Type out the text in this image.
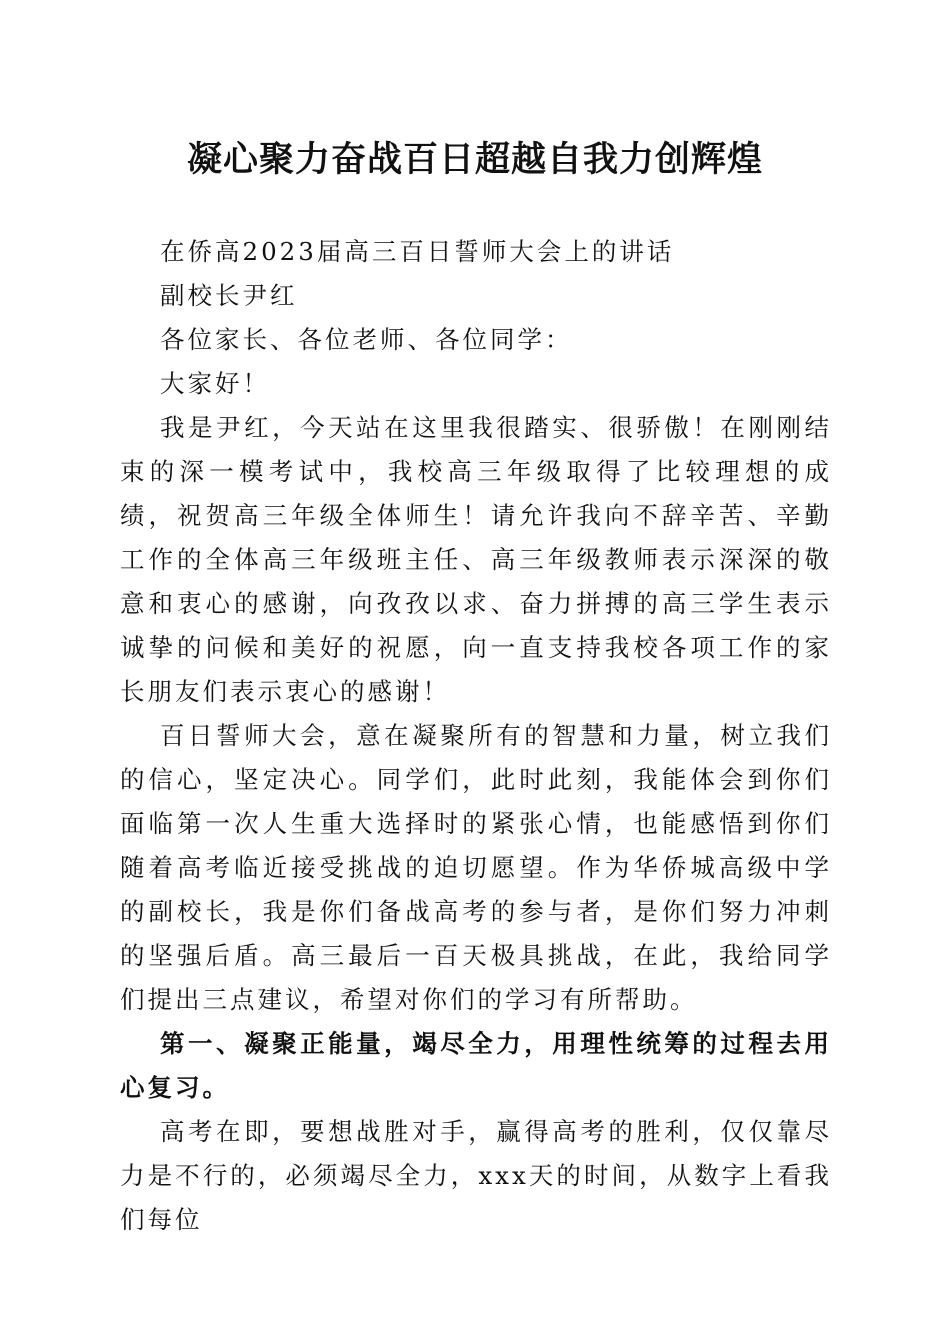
凝心聚力奋战百日超越自我力创辉煌

在侨高2023届高三百日誓师大会上的讲话

副校长尹红

各位家长、各位老师、各位同学：

大家好！

我是尹红，今天站在这里我很踏实、很骄傲！在刚刚结束的深一模考试中，我校高三年级取得了比较理想的成绩，祝贺高三年级全体师生！请允许我向不辞辛苦、辛勤工作的全体高三年级班主任、高三年级教师表示深深的敬意和衷心的感谢，向孜孜以求、奋力拼搏的高三学生表示诚挚的问候和美好的祝愿，向一直支持我校各项工作的家长朋友们表示衷心的感谢！

百日誓师大会，意在凝聚所有的智慧和力量，树立我们的信心，坚定决心。同学们，此时此刻，我能体会到你们面临第一次人生重大选择时的紧张心情，也能感悟到你们随着高考临近接受挑战的迫切愿望。作为华侨城高级中学的副校长，我是你们备战高考的参与者，是你们努力冲刺的坚强后盾。高三最后一百天极具挑战，在此，我给同学们提出三点建议，希望对你们的学习有所帮助。

第一、凝聚正能量，竭尽全力，用理性统筹的过程去用心复习。

高考在即，要想战胜对手，赢得高考的胜利，仅仅靠尽力是不行的，必须竭尽全力，xxx天的时间，从数字上看我们每位
